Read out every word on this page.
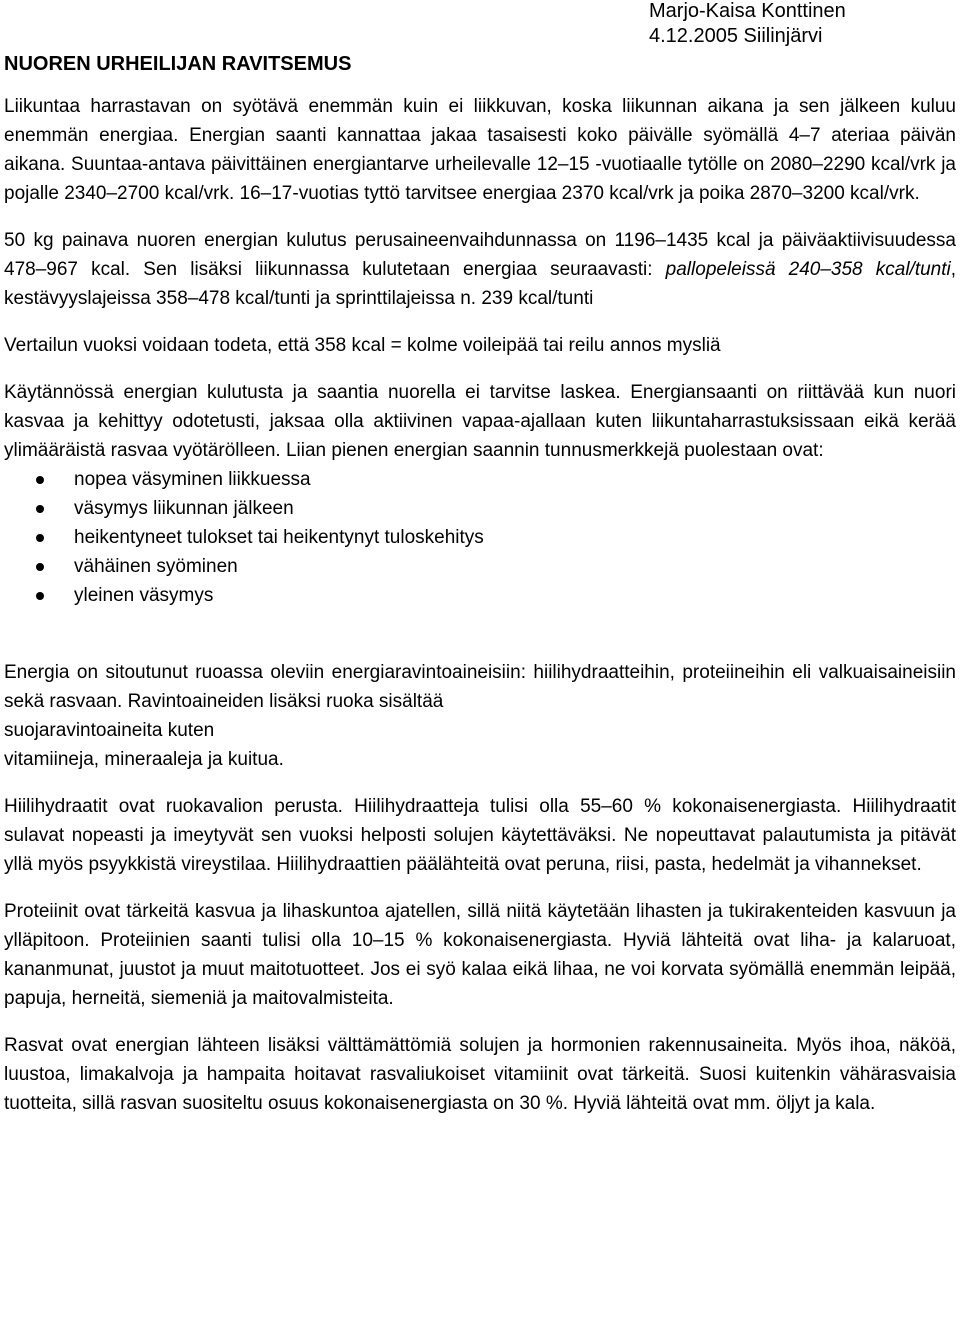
NUOREN URHEILIJAN RAVITSEMUS
Marjo-Kaisa Konttinen
4.12.2005 Siilinjärvi

Liikuntaa harrastavan on syötävä enemmän kuin ei liikkuvan, koska liikunnan aikana ja sen jälkeen kuluu enemmän energiaa. Energian saanti kannattaa jakaa tasaisesti koko päivälle syömällä 4–7 ateriaa päivän aikana. Suuntaa-antava päivittäinen energiantarve urheilevalle 12–15 -vuotiaalle tytölle on 2080–2290 kcal/vrk ja pojalle 2340–2700 kcal/vrk. 16–17-vuotias tyttö tarvitsee energiaa 2370 kcal/vrk ja poika 2870–3200 kcal/vrk.

50 kg painava nuoren energian kulutus perusaineenvaihdunnassa on 1196–1435 kcal ja päiväaktiivisuudessa 478–967 kcal. Sen lisäksi liikunnassa kulutetaan energiaa seuraavasti: pallopeleissä 240–358 kcal/tunti, kestävyyslajeissa 358–478 kcal/tunti ja sprinttilajeissa n. 239 kcal/tunti

Vertailun vuoksi voidaan todeta, että 358 kcal = kolme voileipää tai reilu annos mysliä

Käytännössä energian kulutusta ja saantia nuorella ei tarvitse laskea. Energiansaanti on riittävää kun nuori kasvaa ja kehittyy odotetusti, jaksaa olla aktiivinen vapaa-ajallaan kuten liikuntaharrastuksissaan eikä kerää ylimääräistä rasvaa vyötärölleen. Liian pienen energian saannin tunnusmerkkejä puolestaan ovat:

nopea väsyminen liikkuessa
väsymys liikunnan jälkeen
heikentyneet tulokset tai heikentynyt tuloskehitys
vähäinen syöminen
yleinen väsymys

Energia on sitoutunut ruoassa oleviin energiaravintoaineisiin: hiilihydraatteihin, proteiineihin eli valkuaisaineisiin sekä rasvaan. Ravintoaineiden lisäksi ruoka sisältää

suojaravintoaineita kuten

vitamiineja, mineraaleja ja kuitua.

Hiilihydraatit ovat ruokavalion perusta. Hiilihydraatteja tulisi olla 55–60 % kokonaisenergiasta. Hiilihydraatit sulavat nopeasti ja imeytyvät sen vuoksi helposti solujen käytettäväksi. Ne nopeuttavat palautumista ja pitävät yllä myös psyykkistä vireystilaa. Hiilihydraattien päälähteitä ovat peruna, riisi, pasta, hedelmät ja vihannekset.

Proteiinit ovat tärkeitä kasvua ja lihaskuntoa ajatellen, sillä niitä käytetään lihasten ja tukirakenteiden kasvuun ja ylläpitoon. Proteiinien saanti tulisi olla 10–15 % kokonaisenergiasta. Hyviä lähteitä ovat liha- ja kalaruoat, kananmunat, juustot ja muut maitotuotteet. Jos ei syö kalaa eikä lihaa, ne voi korvata syömällä enemmän leipää, papuja, herneitä, siemeniä ja maitovalmisteita.

Rasvat ovat energian lähteen lisäksi välttämättömiä solujen ja hormonien rakennusaineita. Myös ihoa, näköä, luustoa, limakalvoja ja hampaita hoitavat rasvaliukoiset vitamiinit ovat tärkeitä. Suosi kuitenkin vähärasvaisia tuotteita, sillä rasvan suositeltu osuus kokonaisenergiasta on 30 %. Hyviä lähteitä ovat mm. öljyt ja kala.
